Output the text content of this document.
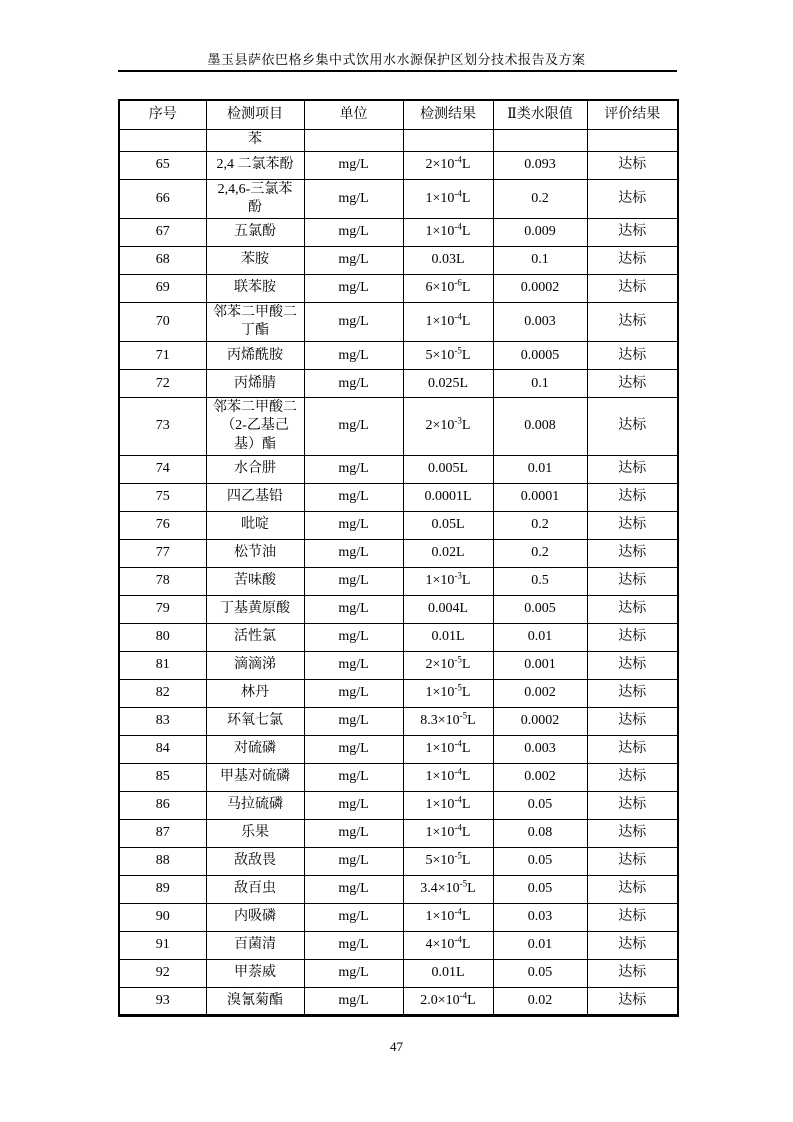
墨玉县萨依巴格乡集中式饮用水水源保护区划分技术报告及方案
序号	检测项目	单位	检测结果	Ⅱ类水限值	评价结果
	苯				
65	2,4 二氯苯酚	mg/L	$2\times 10^{-4}L$	0.093	达标
66	2,4,6-三氯苯酚	mg/L	$1\times 10^{-4}L$	0.2	达标
67	五氯酚	mg/L	$1\times 10^{-4}L$	0.009	达标
68	苯胺	mg/L	0.03L	0.1	达标
69	联苯胺	mg/L	$6\times 10^{-6}L$	0.0002	达标
70	邻苯二甲酸二丁酯	mg/L	$1\times 10^{-4}L$	0.003	达标
71	丙烯酰胺	mg/L	$5\times 10^{-5}L$	0.0005	达标
72	丙烯腈	mg/L	0.025L	0.1	达标
73	邻苯二甲酸二（2-乙基己基）酯	mg/L	$2\times 10^{-3}L$	0.008	达标
74	水合肼	mg/L	0.005L	0.01	达标
75	四乙基铅	mg/L	0.0001L	0.0001	达标
76	吡啶	mg/L	0.05L	0.2	达标
77	松节油	mg/L	0.02L	0.2	达标
78	苦味酸	mg/L	$1\times 10^{-3}L$	0.5	达标
79	丁基黄原酸	mg/L	0.004L	0.005	达标
80	活性氯	mg/L	0.01L	0.01	达标
81	滴滴涕	mg/L	$2\times 10^{-5}L$	0.001	达标
82	林丹	mg/L	$1\times 10^{-5}L$	0.002	达标
83	环氧七氯	mg/L	$8.3\times 10^{-5}L$	0.0002	达标
84	对硫磷	mg/L	$1\times 10^{-4}L$	0.003	达标
85	甲基对硫磷	mg/L	$1\times 10^{-4}L$	0.002	达标
86	马拉硫磷	mg/L	$1\times 10^{-4}L$	0.05	达标
87	乐果	mg/L	$1\times 10^{-4}L$	0.08	达标
88	敌敌畏	mg/L	$5\times 10^{-5}L$	0.05	达标
89	敌百虫	mg/L	$3.4\times 10^{-5}L$	0.05	达标
90	内吸磷	mg/L	$1\times 10^{-4}L$	0.03	达标
91	百菌清	mg/L	$4\times 10^{-4}L$	0.01	达标
92	甲萘威	mg/L	0.01L	0.05	达标
93	溴氰菊酯	mg/L	$2.0\times 10^{-4}L$	0.02	达标
47
